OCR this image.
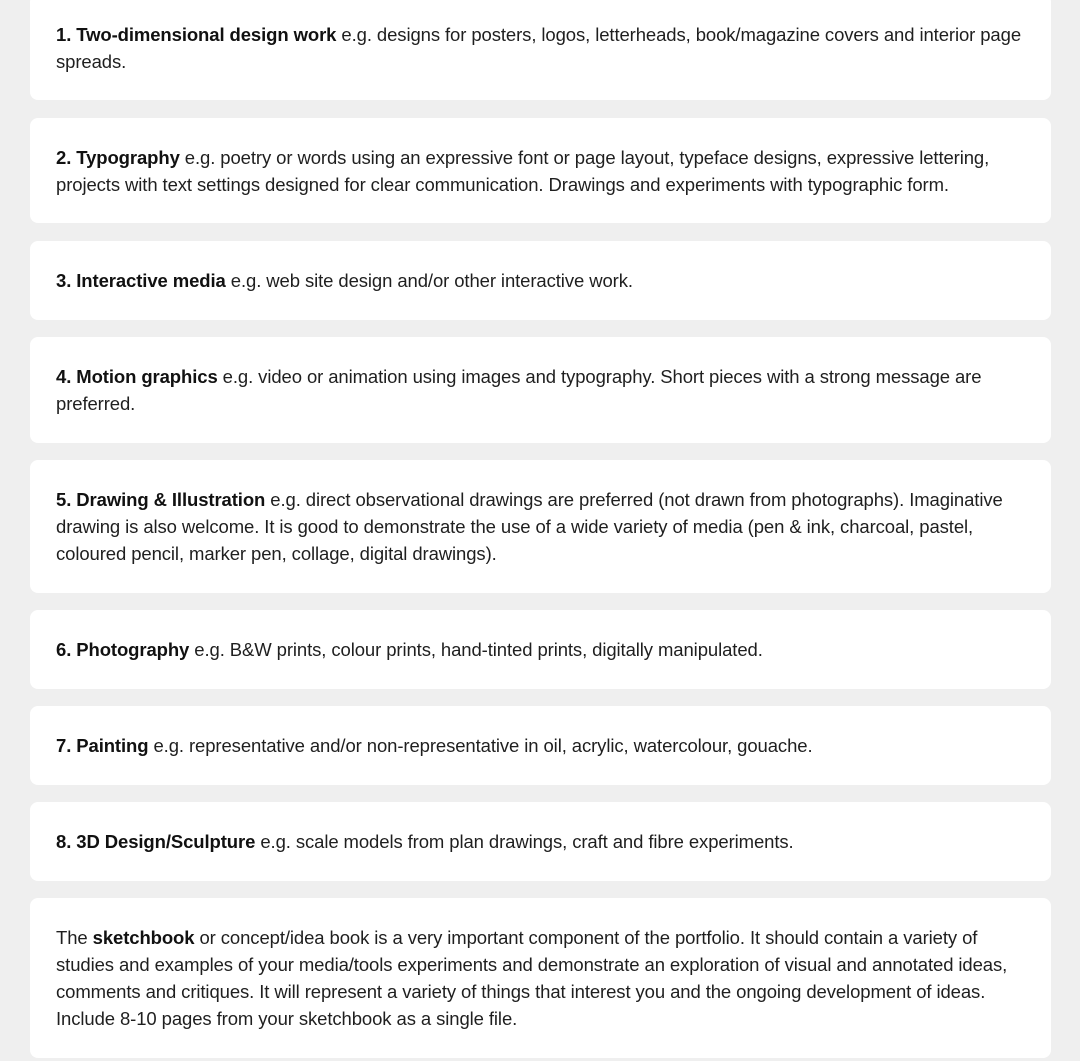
1. Two-dimensional design work e.g. designs for posters, logos, letterheads, book/magazine covers and interior page spreads.

2. Typography e.g. poetry or words using an expressive font or page layout, typeface designs, expressive lettering, projects with text settings designed for clear communication. Drawings and experiments with typographic form.

3. Interactive media e.g. web site design and/or other interactive work.

4. Motion graphics e.g. video or animation using images and typography. Short pieces with a strong message are preferred.

5. Drawing & Illustration e.g. direct observational drawings are preferred (not drawn from photographs). Imaginative drawing is also welcome. It is good to demonstrate the use of a wide variety of media (pen & ink, charcoal, pastel, coloured pencil, marker pen, collage, digital drawings).

6. Photography e.g. B&W prints, colour prints, hand-tinted prints, digitally manipulated.

7. Painting e.g. representative and/or non-representative in oil, acrylic, watercolour, gouache.

8. 3D Design/Sculpture e.g. scale models from plan drawings, craft and fibre experiments.

The sketchbook or concept/idea book is a very important component of the portfolio. It should contain a variety of studies and examples of your media/tools experiments and demonstrate an exploration of visual and annotated ideas, comments and critiques. It will represent a variety of things that interest you and the ongoing development of ideas. Include 8-10 pages from your sketchbook as a single file.
